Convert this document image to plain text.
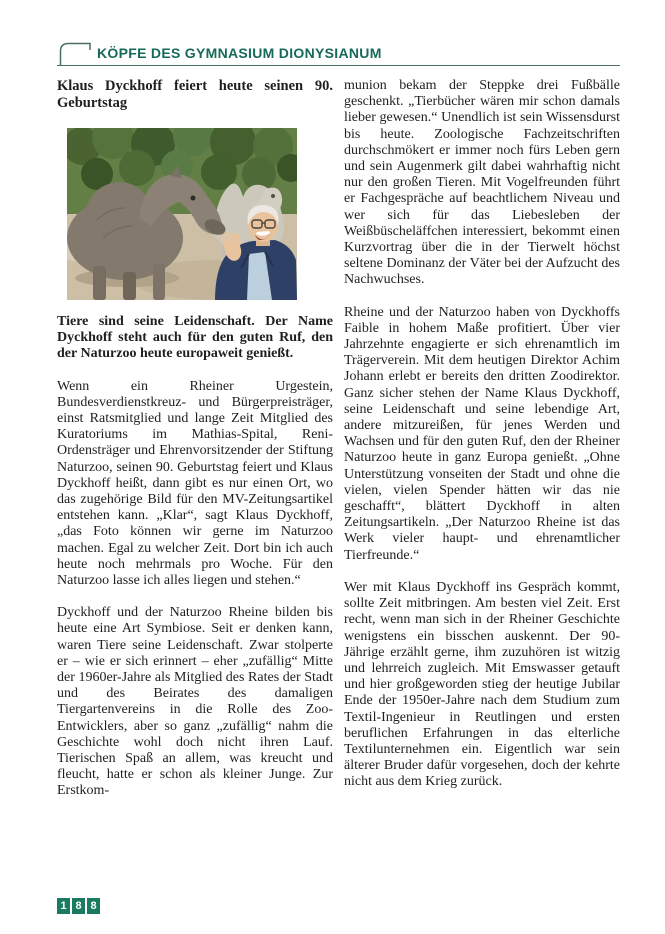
KÖPFE DES GYMNASIUM DIONYSIANUM

Klaus Dyckhoff feiert heute seinen 90. Geburtstag

Tiere sind seine Leidenschaft. Der Name Dyckhoff steht auch für den guten Ruf, den der Naturzoo heute europaweit genießt.

Wenn ein Rheiner Urgestein, Bundesverdienstkreuz- und Bürgerpreisträger, einst Ratsmitglied und lange Zeit Mitglied des Kuratoriums im Mathias-Spital, Reni-Ordensträger und Ehrenvorsitzender der Stiftung Naturzoo, seinen 90. Geburtstag feiert und Klaus Dyckhoff heißt, dann gibt es nur einen Ort, wo das zugehörige Bild für den MV-Zeitungsartikel entstehen kann. „Klar“, sagt Klaus Dyckhoff, „das Foto können wir gerne im Naturzoo machen. Egal zu welcher Zeit. Dort bin ich auch heute noch mehrmals pro Woche. Für den Naturzoo lasse ich alles liegen und stehen.“

Dyckhoff und der Naturzoo Rheine bilden bis heute eine Art Symbiose. Seit er denken kann, waren Tiere seine Leidenschaft. Zwar stolperte er – wie er sich erinnert – eher „zufällig“ Mitte der 1960er-Jahre als Mitglied des Rates der Stadt und des Beirates des damaligen Tiergartenvereins in die Rolle des Zoo-Entwicklers, aber so ganz „zufällig“ nahm die Geschichte wohl doch nicht ihren Lauf. Tierischen Spaß an allem, was kreucht und fleucht, hatte er schon als kleiner Junge. Zur Erstkom-

munion bekam der Steppke drei Fußbälle geschenkt. „Tierbücher wären mir schon damals lieber gewesen.“ Unendlich ist sein Wissensdurst bis heute. Zoologische Fachzeitschriften durchschmökert er immer noch fürs Leben gern und sein Augenmerk gilt dabei wahrhaftig nicht nur den großen Tieren. Mit Vogelfreunden führt er Fachgespräche auf beachtlichem Niveau und wer sich für das Liebesleben der Weißbüscheläffchen interessiert, bekommt einen Kurzvortrag über die in der Tierwelt höchst seltene Dominanz der Väter bei der Aufzucht des Nachwuchses.

Rheine und der Naturzoo haben von Dyckhoffs Faible in hohem Maße profitiert. Über vier Jahrzehnte engagierte er sich ehrenamtlich im Trägerverein. Mit dem heutigen Direktor Achim Johann erlebt er bereits den dritten Zoodirektor. Ganz sicher stehen der Name Klaus Dyckhoff, seine Leidenschaft und seine lebendige Art, andere mitzureißen, für jenes Werden und Wachsen und für den guten Ruf, den der Rheiner Naturzoo heute in ganz Europa genießt. „Ohne Unterstützung vonseiten der Stadt und ohne die vielen, vielen Spender hätten wir das nie geschafft“, blättert Dyckhoff in alten Zeitungsartikeln. „Der Naturzoo Rheine ist das Werk vieler haupt- und ehrenamtlicher Tierfreunde.“

Wer mit Klaus Dyckhoff ins Gespräch kommt, sollte Zeit mitbringen. Am besten viel Zeit. Erst recht, wenn man sich in der Rheiner Geschichte wenigstens ein bisschen auskennt. Der 90-Jährige erzählt gerne, ihm zuzuhören ist witzig und lehrreich zugleich. Mit Emswasser getauft und hier großgeworden stieg der heutige Jubilar Ende der 1950er-Jahre nach dem Studium zum Textil-Ingenieur in Reutlingen und ersten beruflichen Erfahrungen in das elterliche Textilunternehmen ein. Eigentlich war sein älterer Bruder dafür vorgesehen, doch der kehrte nicht aus dem Krieg zurück.

1 8 8
